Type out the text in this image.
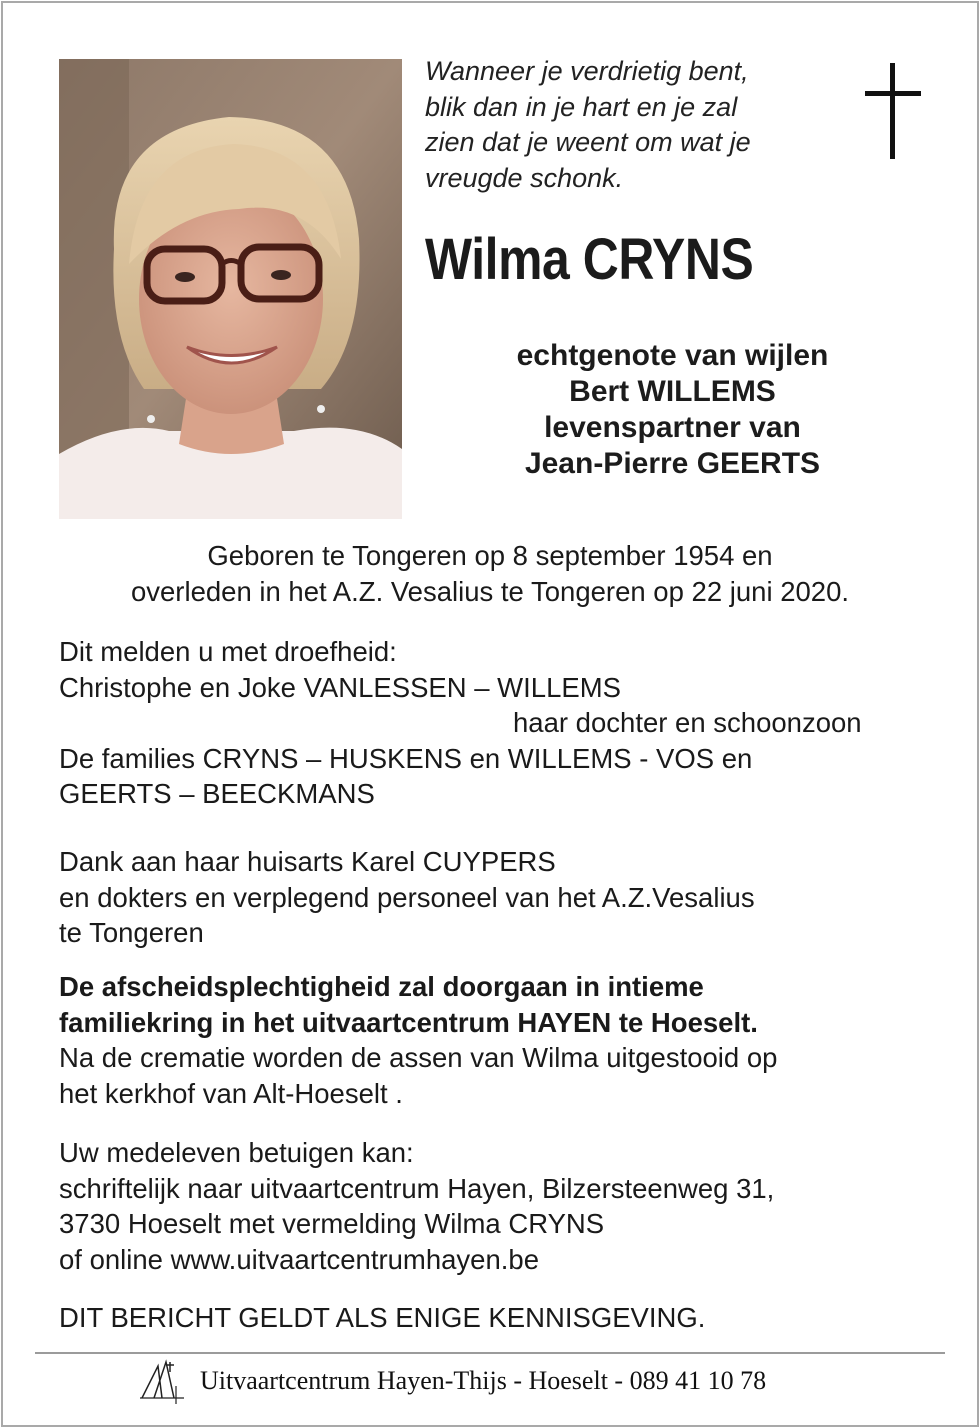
Wanneer je verdrietig bent,
blik dan in je hart en je zal
zien dat je weent om wat je
vreugde schonk.
Wilma CRYNS
echtgenote van wijlen
Bert WILLEMS
levenspartner van
Jean-Pierre GEERTS
Geboren te Tongeren op 8 september 1954 en
overleden in het A.Z. Vesalius te Tongeren op 22 juni 2020.
Dit melden u met droefheid:
Christophe en Joke VANLESSEN – WILLEMS
haar dochter en schoonzoon
De families CRYNS – HUSKENS en WILLEMS - VOS en
GEERTS – BEECKMANS
Dank aan haar huisarts Karel CUYPERS
en dokters en verplegend personeel van het A.Z.Vesalius
te Tongeren
De afscheidsplechtigheid zal doorgaan in intieme
familiekring in het uitvaartcentrum HAYEN te Hoeselt.
Na de crematie worden de assen van Wilma uitgestooid op
het kerkhof van Alt-Hoeselt .
Uw medeleven betuigen kan:
schriftelijk naar uitvaartcentrum Hayen, Bilzersteenweg 31,
3730 Hoeselt met vermelding Wilma CRYNS
of online www.uitvaartcentrumhayen.be
DIT BERICHT GELDT ALS ENIGE KENNISGEVING.
Uitvaartcentrum Hayen-Thijs - Hoeselt - 089 41 10 78
